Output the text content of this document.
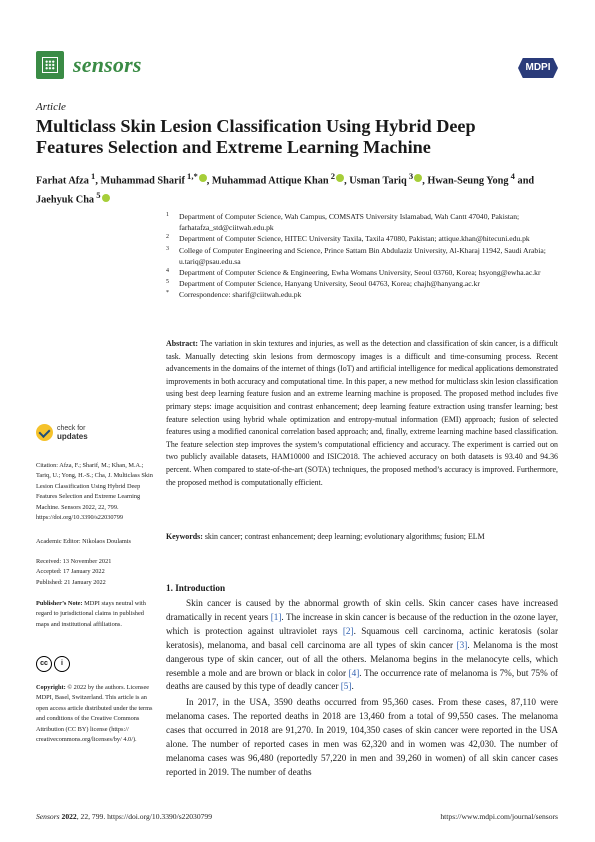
sensors	MDPI
Article
Multiclass Skin Lesion Classification Using Hybrid Deep Features Selection and Extreme Learning Machine
Farhat Afza $^1$, Muhammad Sharif $^{1,*}$ , Muhammad Attique Khan $^2$ , Usman Tariq $^3$ , Hwan-Seung Yong $^4$ and Jaehyuk Cha $^5$
1 Department of Computer Science, Wah Campus, COMSATS University Islamabad, Wah Cantt 47040, Pakistan; farhatafza_std@ciitwah.edu.pk
2 Department of Computer Science, HITEC University Taxila, Taxila 47080, Pakistan; attique.khan@hitecuni.edu.pk
3 College of Computer Engineering and Science, Prince Sattam Bin Abdulaziz University, Al-Kharaj 11942, Saudi Arabia; u.tariq@psau.edu.sa
4 Department of Computer Science & Engineering, Ewha Womans University, Seoul 03760, Korea; hsyong@ewha.ac.kr
5 Department of Computer Science, Hanyang University, Seoul 04763, Korea; chajh@hanyang.ac.kr
* Correspondence: sharif@ciitwah.edu.pk
Abstract: The variation in skin textures and injuries, as well as the detection and classification of skin cancer, is a difficult task. Manually detecting skin lesions from dermoscopy images is a difficult and time-consuming process. Recent advancements in the domains of the internet of things (IoT) and artificial intelligence for medical applications demonstrated improvements in both accuracy and computational time. In this paper, a new method for multiclass skin lesion classification using best deep learning feature fusion and an extreme learning machine is proposed. The proposed method includes five primary steps: image acquisition and contrast enhancement; deep learning feature extraction using transfer learning; best feature selection using hybrid whale optimization and entropy-mutual information (EMI) approach; fusion of selected features using a modified canonical correlation based approach; and, finally, extreme learning machine based classification. The feature selection step improves the system’s computational efficiency and accuracy. The experiment is carried out on two publicly available datasets, HAM10000 and ISIC2018. The achieved accuracy on both datasets is 93.40 and 94.36 percent. When compared to state-of-the-art (SOTA) techniques, the proposed method’s accuracy is improved. Furthermore, the proposed method is computationally efficient.
Keywords: skin cancer; contrast enhancement; deep learning; evolutionary algorithms; fusion; ELM
check for
updates
Citation: Afza, F.; Sharif, M.; Khan, M.A.; Tariq, U.; Yong, H.-S.; Cha, J. Multiclass Skin Lesion Classification Using Hybrid Deep Features Selection and Extreme Learning Machine. Sensors 2022, 22, 799. https://doi.org/10.3390/s22030799
Academic Editor: Nikolaos Doulamis
Received: 13 November 2021
Accepted: 17 January 2022
Published: 21 January 2022
Publisher’s Note: MDPI stays neutral with regard to jurisdictional claims in published maps and institutional affiliations.
cc	i
Copyright: © 2022 by the authors. Licensee MDPI, Basel, Switzerland. This article is an open access article distributed under the terms and conditions of the Creative Commons Attribution (CC BY) license (https:// creativecommons.org/licenses/by/ 4.0/).
1. Introduction

Skin cancer is caused by the abnormal growth of skin cells. Skin cancer cases have increased dramatically in recent years [1]. The increase in skin cancer is because of the reduction in the ozone layer, which is protection against ultraviolet rays [2]. Squamous cell carcinoma, actinic keratosis (solar keratosis), melanoma, and basal cell carcinoma are all types of skin cancer [3]. Melanoma is the most dangerous type of skin cancer, out of all the others. Melanoma begins in the melanocyte cells, which resemble a mole and are brown or black in color [4]. The occurrence rate of melanoma is 7%, but 75% of deaths are caused by this type of deadly cancer [5].

In 2017, in the USA, 3590 deaths occurred from 95,360 cases. From these cases, 87,110 were melanoma cases. The reported deaths in 2018 are 13,460 from a total of 99,550 cases. The melanoma cases that occurred in 2018 are 91,270. In 2019, 104,350 cases of skin cancer were reported in the USA alone. The number of reported cases in men was 62,320 and in women was 42,030. The number of melanoma cases was 96,480 (reportedly 57,220 in men and 39,260 in women) of all skin cancer cases reported in 2019. The number of deaths

Sensors 2022, 22, 799. https://doi.org/10.3390/s22030799	https://www.mdpi.com/journal/sensors
